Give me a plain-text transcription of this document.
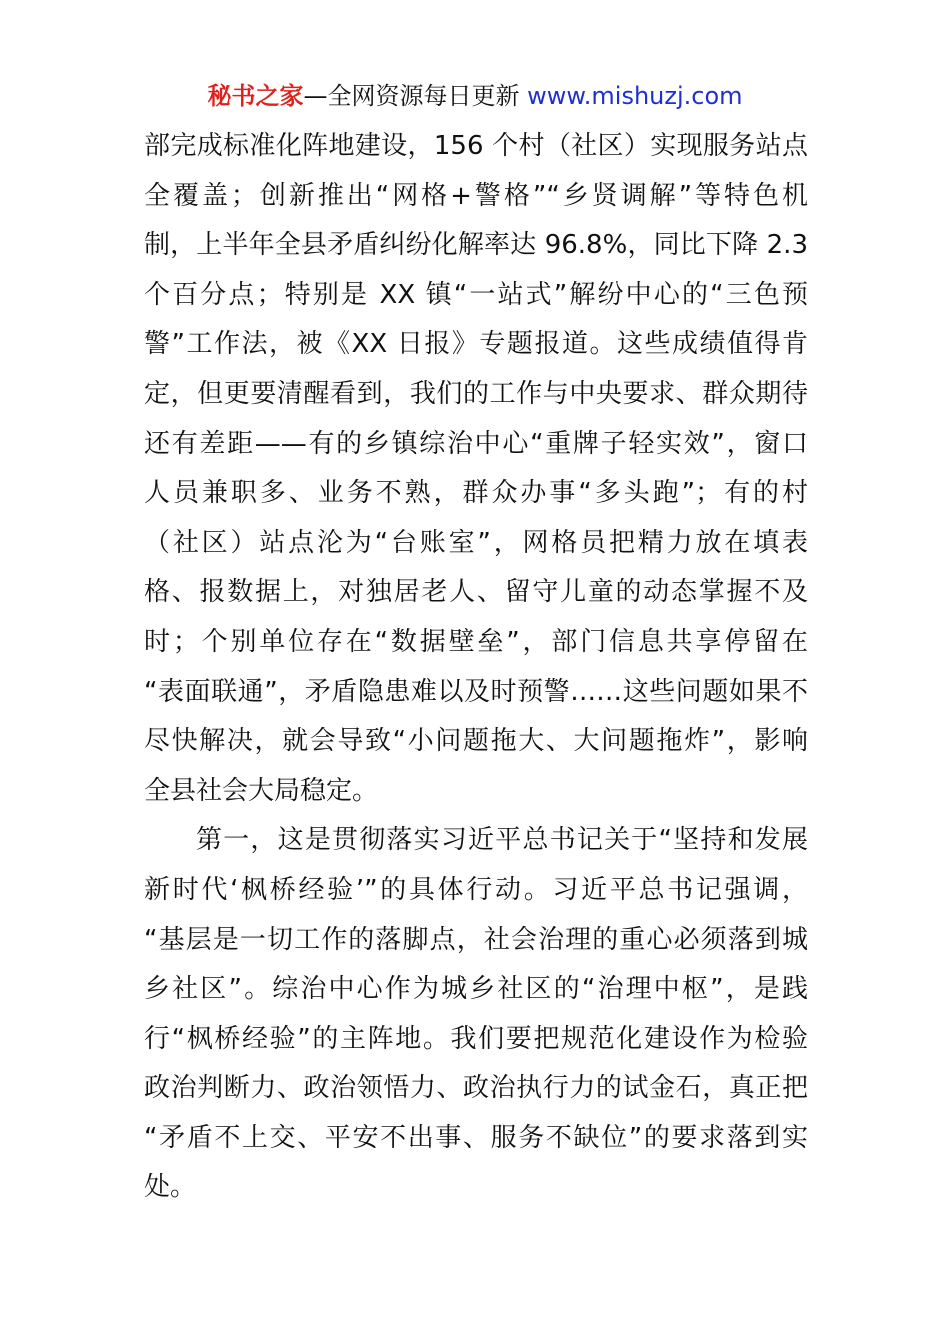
秘书之家—全网资源每日更新 www.mishuzj.com
部完成标准化阵地建设，156 个村（社区）实现服务站点
全覆盖；创新推出“网格+警格”“乡贤调解”等特色机
制，上半年全县矛盾纠纷化解率达 96.8%，同比下降 2.3
个百分点；特别是 XX 镇“一站式”解纷中心的“三色预
警”工作法，被《XX 日报》专题报道。这些成绩值得肯
定，但更要清醒看到，我们的工作与中央要求、群众期待
还有差距——有的乡镇综治中心“重牌子轻实效”，窗口
人员兼职多、业务不熟，群众办事“多头跑”；有的村
（社区）站点沦为“台账室”，网格员把精力放在填表
格、报数据上，对独居老人、留守儿童的动态掌握不及
时；个别单位存在“数据壁垒”，部门信息共享停留在
“表面联通”，矛盾隐患难以及时预警……这些问题如果不
尽快解决，就会导致“小问题拖大、大问题拖炸”，影响
全县社会大局稳定。
第一，这是贯彻落实习近平总书记关于“坚持和发展
新时代‘枫桥经验’”的具体行动。习近平总书记强调，
“基层是一切工作的落脚点，社会治理的重心必须落到城
乡社区”。综治中心作为城乡社区的“治理中枢”，是践
行“枫桥经验”的主阵地。我们要把规范化建设作为检验
政治判断力、政治领悟力、政治执行力的试金石，真正把
“矛盾不上交、平安不出事、服务不缺位”的要求落到实
处。
